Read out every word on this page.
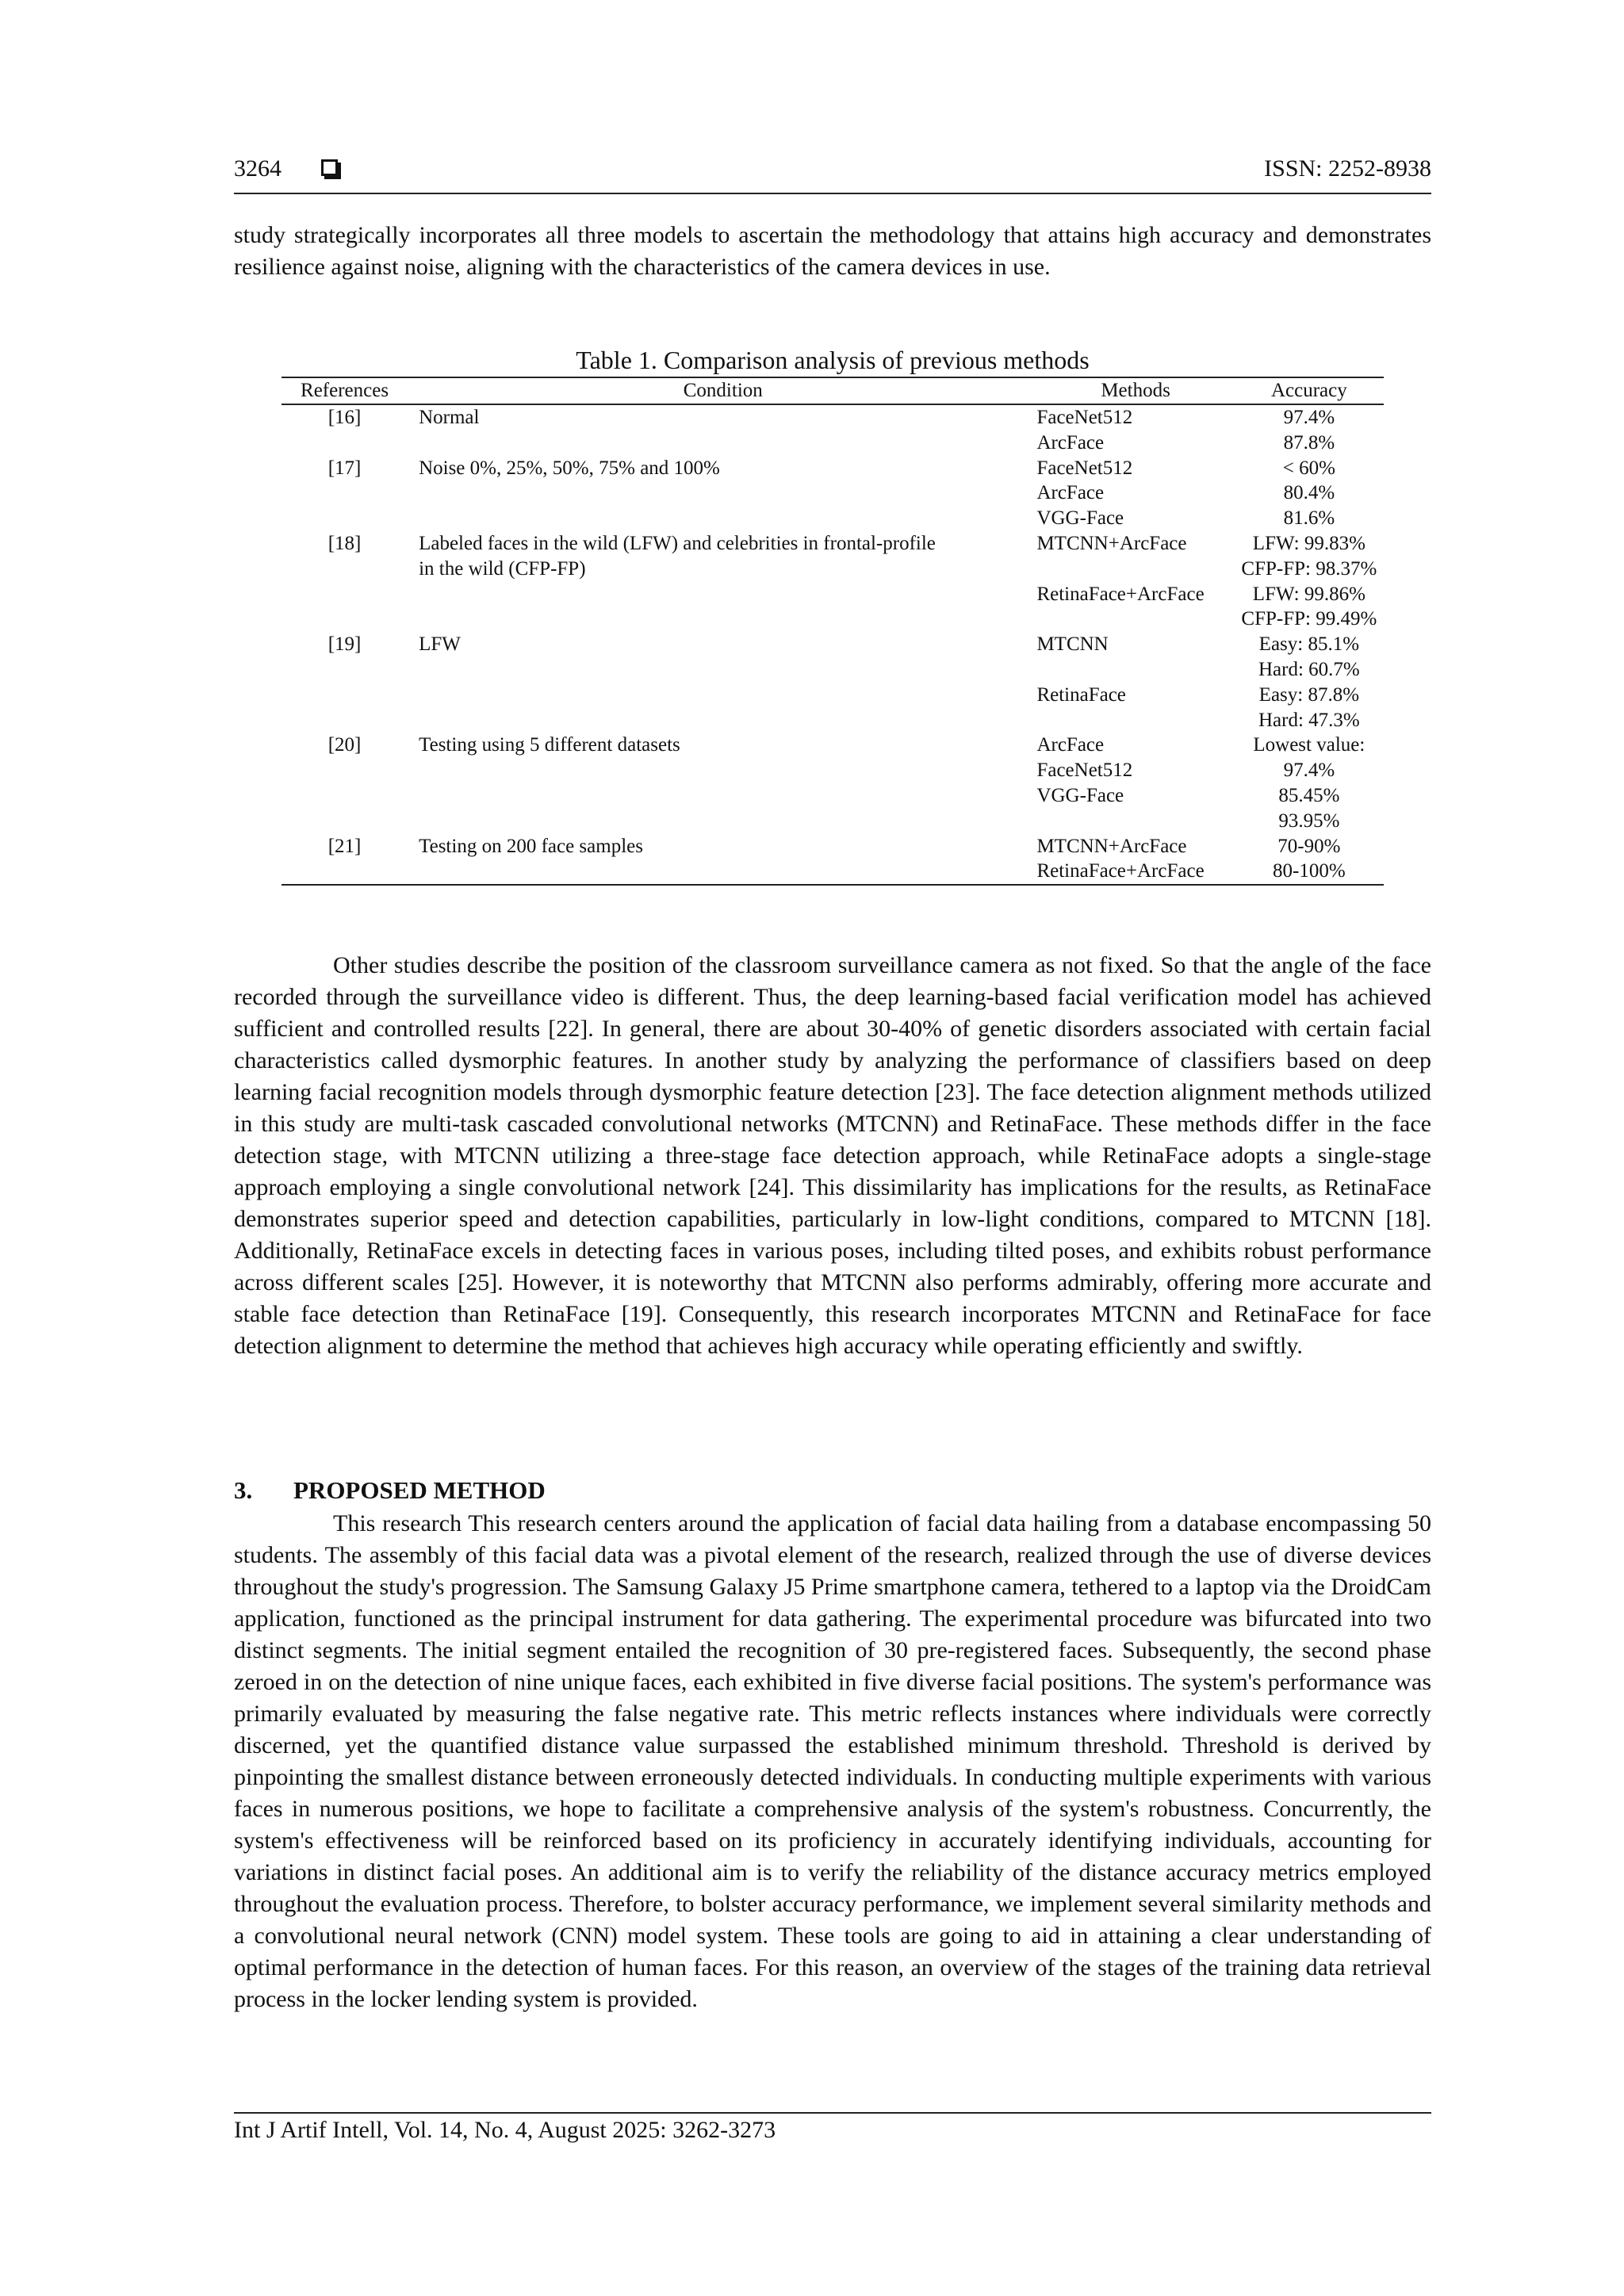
3264	ISSN: 2252-8938

study strategically incorporates all three models to ascertain the methodology that attains high accuracy and demonstrates resilience against noise, aligning with the characteristics of the camera devices in use.

Table 1. Comparison analysis of previous methods
References	Condition	Methods	Accuracy
[16]	Normal	FaceNet512	97.4%
		ArcFace	87.8%
[17]	Noise 0%, 25%, 50%, 75% and 100%	FaceNet512	< 60%
		ArcFace	80.4%
		VGG-Face	81.6%
[18]	Labeled faces in the wild (LFW) and celebrities in frontal-profile	MTCNN+ArcFace	LFW: 99.83%
	in the wild (CFP-FP)		CFP-FP: 98.37%
		RetinaFace+ArcFace	LFW: 99.86%
			CFP-FP: 99.49%
[19]	LFW	MTCNN	Easy: 85.1%
			Hard: 60.7%
		RetinaFace	Easy: 87.8%
			Hard: 47.3%
[20]	Testing using 5 different datasets	ArcFace	Lowest value:
		FaceNet512	97.4%
		VGG-Face	85.45%
			93.95%
[21]	Testing on 200 face samples	MTCNN+ArcFace	70-90%
		RetinaFace+ArcFace	80-100%

Other studies describe the position of the classroom surveillance camera as not fixed. So that the angle of the face recorded through the surveillance video is different. Thus, the deep learning-based facial verification model has achieved sufficient and controlled results [22]. In general, there are about 30-40% of genetic disorders associated with certain facial characteristics called dysmorphic features. In another study by analyzing the performance of classifiers based on deep learning facial recognition models through dysmorphic feature detection [23]. The face detection alignment methods utilized in this study are multi-task cascaded convolutional networks (MTCNN) and RetinaFace. These methods differ in the face detection stage, with MTCNN utilizing a three-stage face detection approach, while RetinaFace adopts a single-stage approach employing a single convolutional network [24]. This dissimilarity has implications for the results, as RetinaFace demonstrates superior speed and detection capabilities, particularly in low-light conditions, compared to MTCNN [18]. Additionally, RetinaFace excels in detecting faces in various poses, including tilted poses, and exhibits robust performance across different scales [25]. However, it is noteworthy that MTCNN also performs admirably, offering more accurate and stable face detection than RetinaFace [19]. Consequently, this research incorporates MTCNN and RetinaFace for face detection alignment to determine the method that achieves high accuracy while operating efficiently and swiftly.

3. PROPOSED METHOD

This research This research centers around the application of facial data hailing from a database encompassing 50 students. The assembly of this facial data was a pivotal element of the research, realized through the use of diverse devices throughout the study's progression. The Samsung Galaxy J5 Prime smartphone camera, tethered to a laptop via the DroidCam application, functioned as the principal instrument for data gathering. The experimental procedure was bifurcated into two distinct segments. The initial segment entailed the recognition of 30 pre-registered faces. Subsequently, the second phase zeroed in on the detection of nine unique faces, each exhibited in five diverse facial positions. The system's performance was primarily evaluated by measuring the false negative rate. This metric reflects instances where individuals were correctly discerned, yet the quantified distance value surpassed the established minimum threshold. Threshold is derived by pinpointing the smallest distance between erroneously detected individuals. In conducting multiple experiments with various faces in numerous positions, we hope to facilitate a comprehensive analysis of the system's robustness. Concurrently, the system's effectiveness will be reinforced based on its proficiency in accurately identifying individuals, accounting for variations in distinct facial poses. An additional aim is to verify the reliability of the distance accuracy metrics employed throughout the evaluation process. Therefore, to bolster accuracy performance, we implement several similarity methods and a convolutional neural network (CNN) model system. These tools are going to aid in attaining a clear understanding of optimal performance in the detection of human faces. For this reason, an overview of the stages of the training data retrieval process in the locker lending system is provided.

Int J Artif Intell, Vol. 14, No. 4, August 2025: 3262-3273
